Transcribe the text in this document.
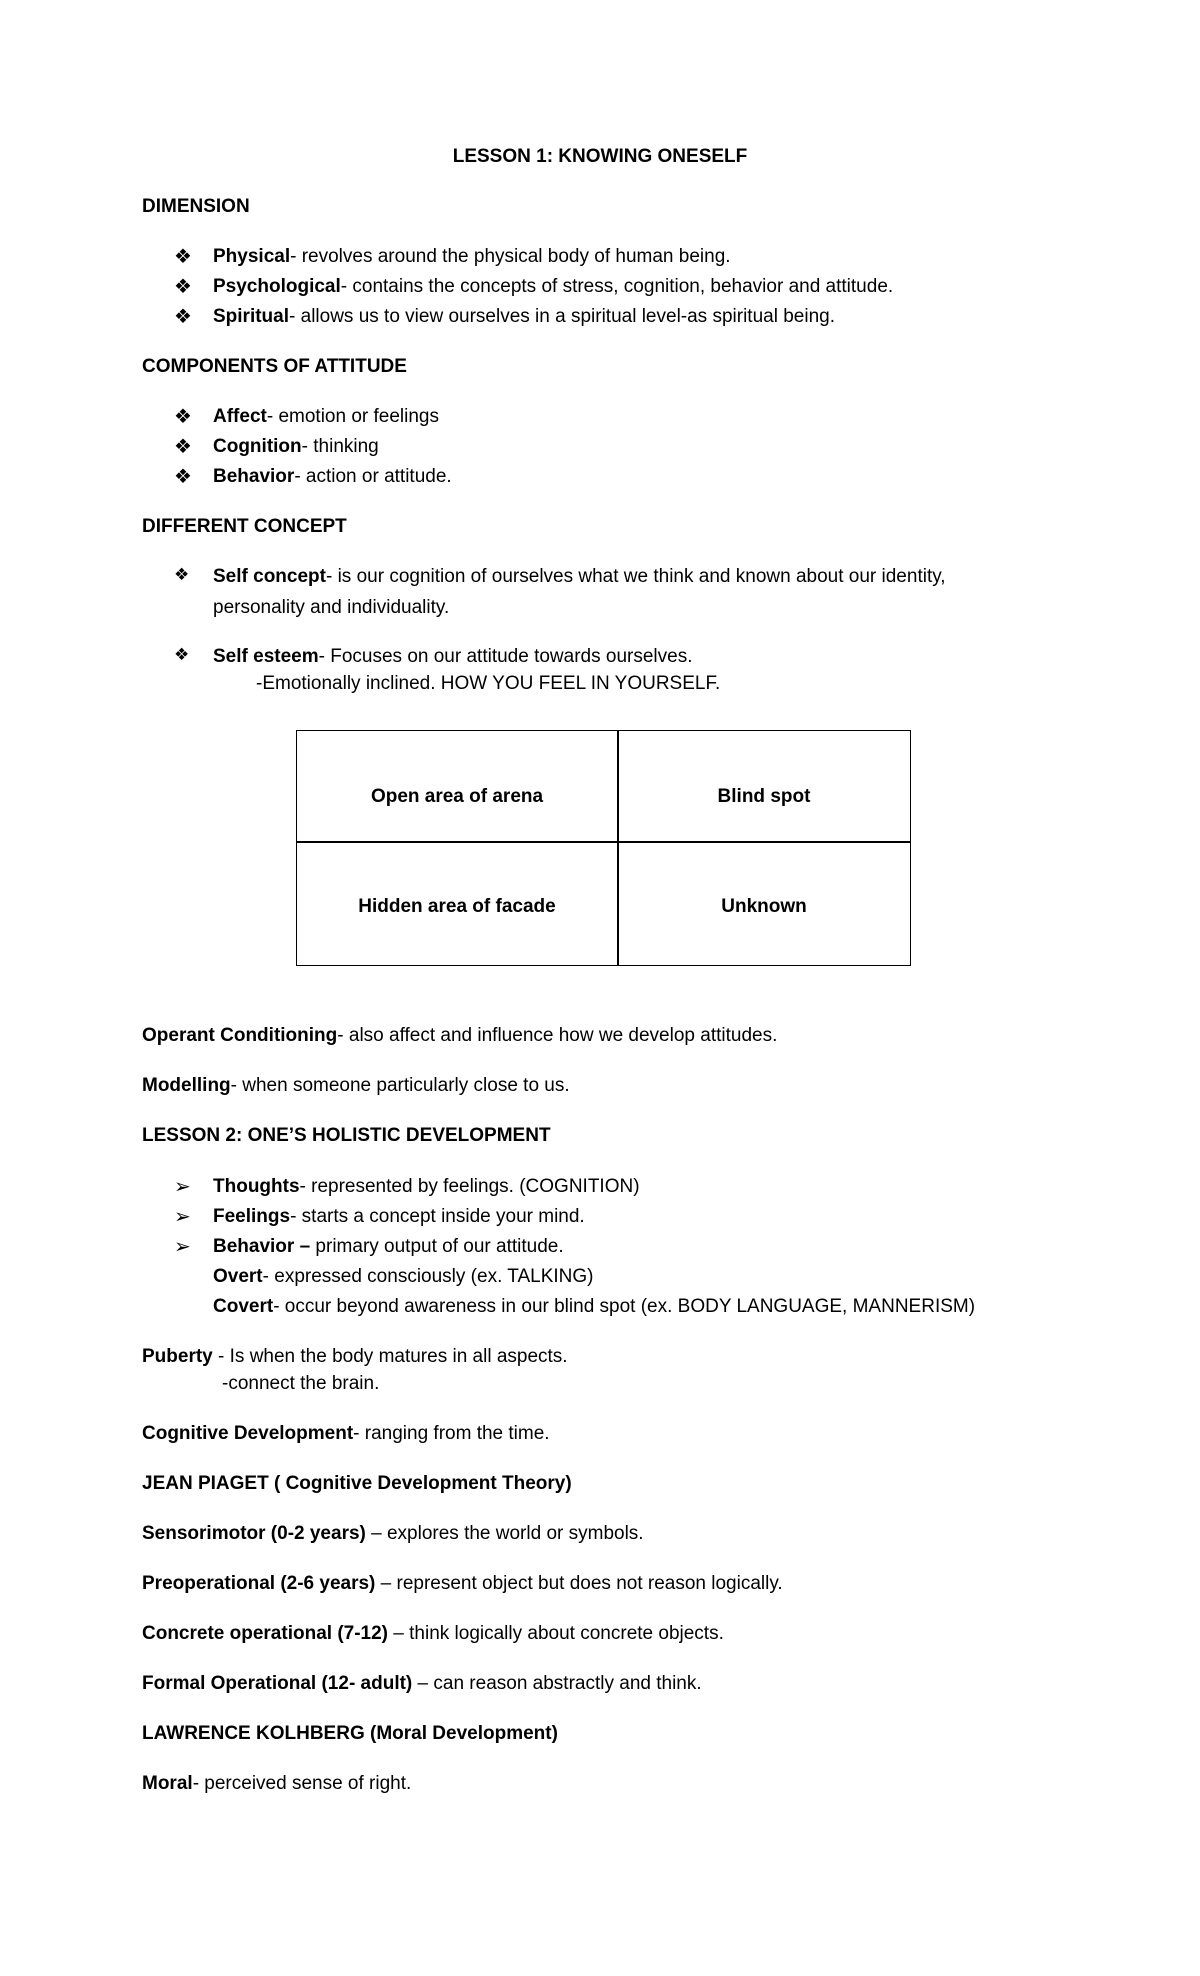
LESSON 1: KNOWING ONESELF
DIMENSION
❖ Physical- revolves around the physical body of human being.
❖ Psychological- contains the concepts of stress, cognition, behavior and attitude.
❖ Spiritual- allows us to view ourselves in a spiritual level-as spiritual being.
COMPONENTS OF ATTITUDE
❖ Affect- emotion or feelings
❖ Cognition- thinking
❖ Behavior- action or attitude.
DIFFERENT CONCEPT
❖	Self concept- is our cognition of ourselves what we think and known about our identity,
personality and individuality.
❖	Self esteem- Focuses on our attitude towards ourselves.
-Emotionally inclined. HOW YOU FEEL IN YOURSELF.
Open area of arena	Blind spot
Hidden area of facade	Unknown
Operant Conditioning- also affect and influence how we develop attitudes.
Modelling- when someone particularly close to us.
LESSON 2: ONE’S HOLISTIC DEVELOPMENT
➢ Thoughts- represented by feelings. (COGNITION)
➢ Feelings- starts a concept inside your mind.
➢ Behavior – primary output of our attitude.
Overt- expressed consciously (ex. TALKING)
Covert- occur beyond awareness in our blind spot (ex. BODY LANGUAGE, MANNERISM)
Puberty - Is when the body matures in all aspects.
-connect the brain.
Cognitive Development- ranging from the time.
JEAN PIAGET ( Cognitive Development Theory)
Sensorimotor (0-2 years) – explores the world or symbols.
Preoperational (2-6 years) – represent object but does not reason logically.
Concrete operational (7-12) – think logically about concrete objects.
Formal Operational (12- adult) – can reason abstractly and think.
LAWRENCE KOLHBERG (Moral Development)
Moral- perceived sense of right.
